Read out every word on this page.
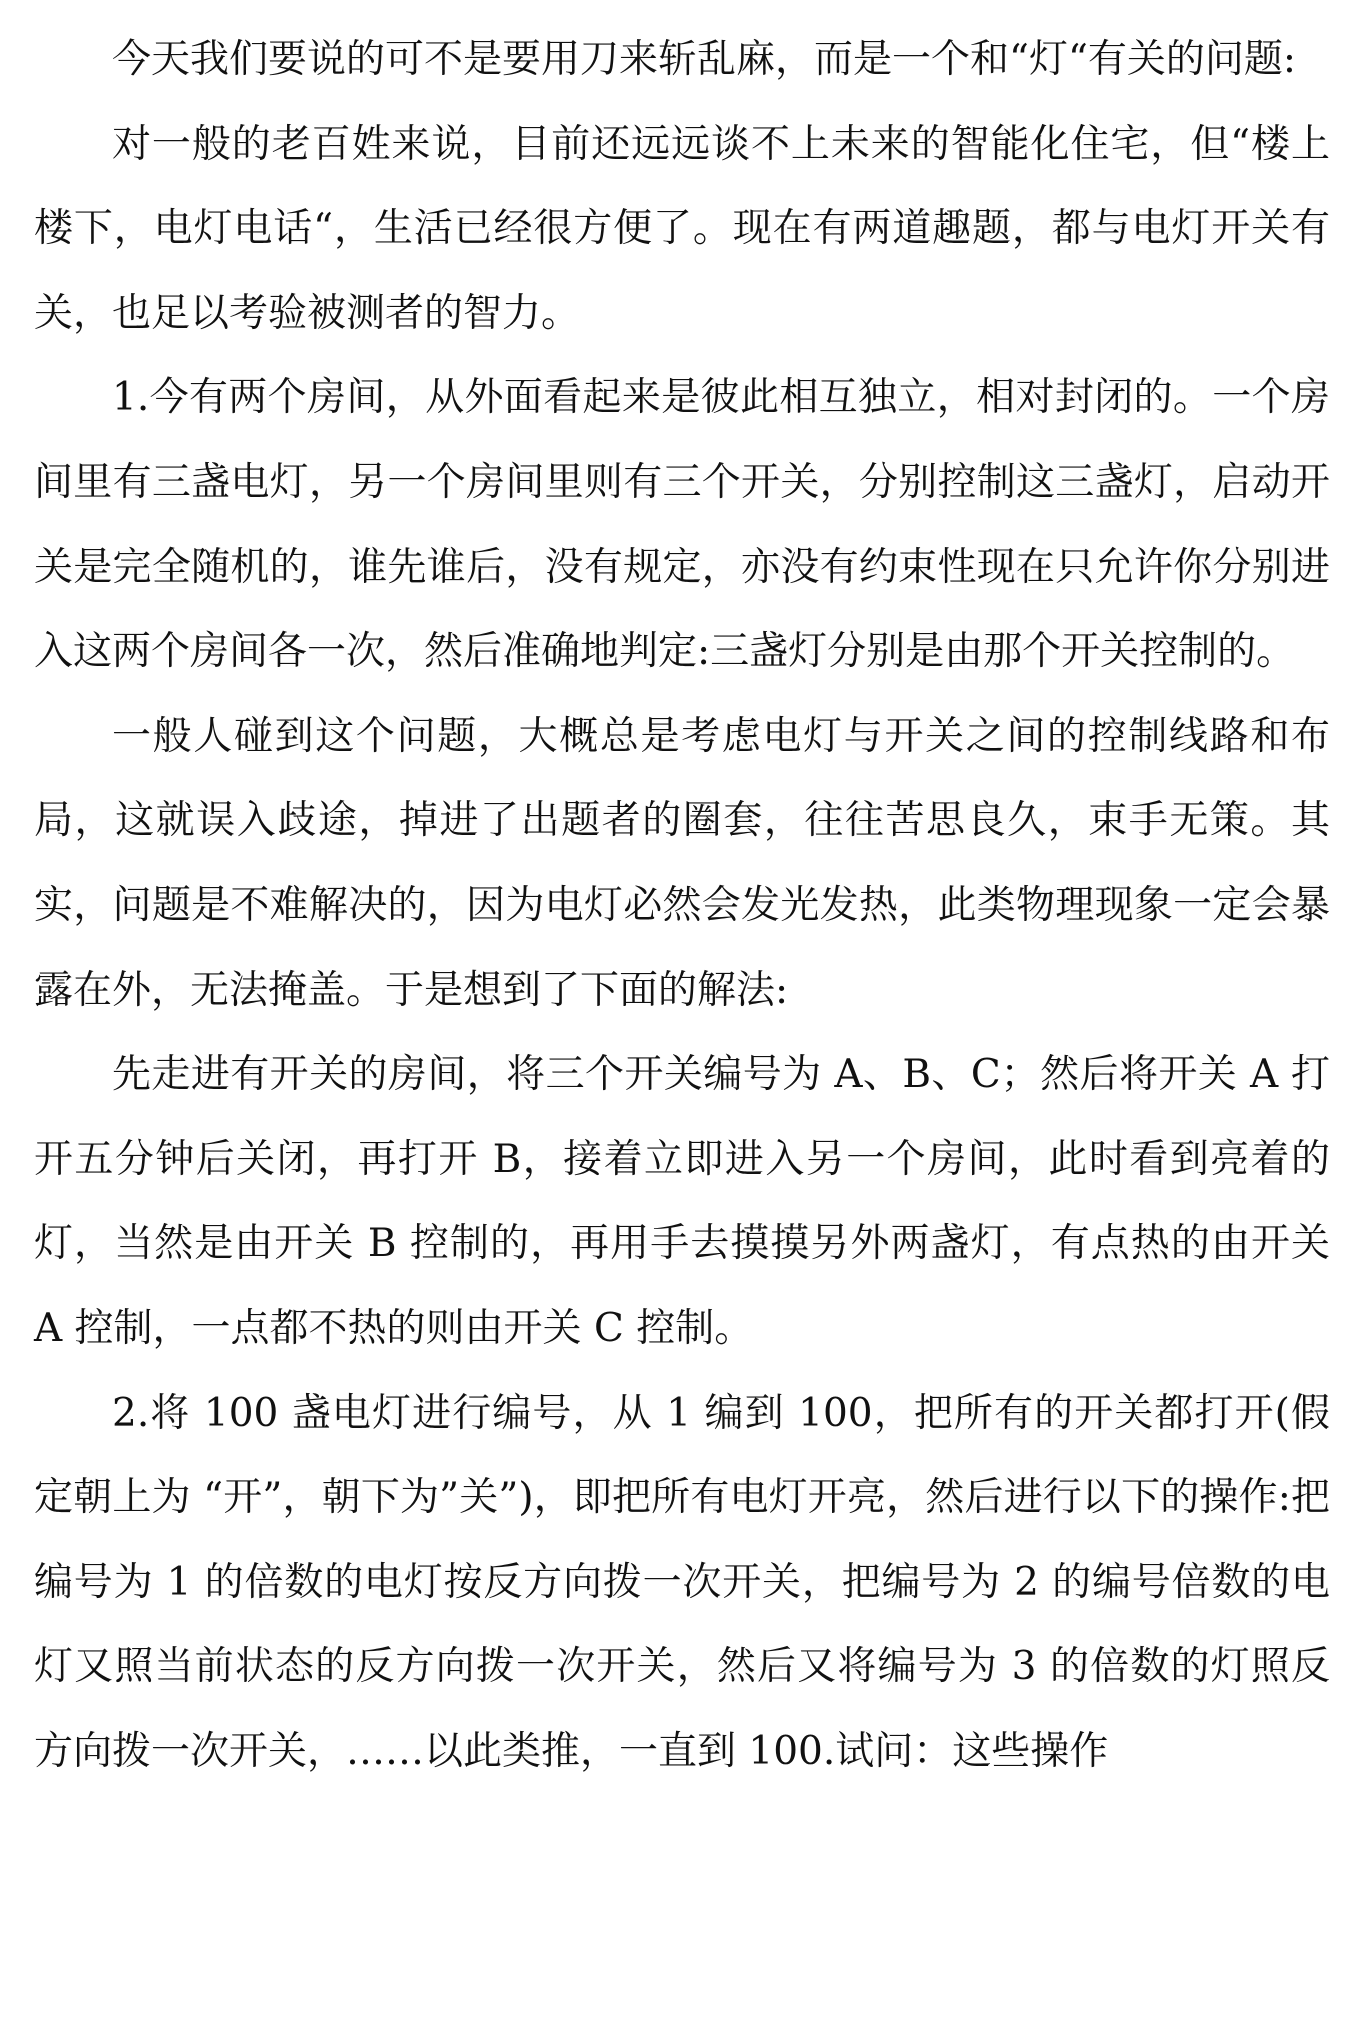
今天我们要说的可不是要用刀来斩乱麻，而是一个和“灯“有关的问题:

对一般的老百姓来说，目前还远远谈不上未来的智能化住宅，但“楼上楼下，电灯电话“，生活已经很方便了。现在有两道趣题，都与电灯开关有关，也足以考验被测者的智力。

1.今有两个房间，从外面看起来是彼此相互独立，相对封闭的。一个房间里有三盏电灯，另一个房间里则有三个开关，分别控制这三盏灯，启动开关是完全随机的，谁先谁后，没有规定，亦没有约束性现在只允许你分别进入这两个房间各一次，然后准确地判定:三盏灯分别是由那个开关控制的。

一般人碰到这个问题，大概总是考虑电灯与开关之间的控制线路和布局，这就误入歧途，掉进了出题者的圈套，往往苦思良久，束手无策。其实，问题是不难解决的，因为电灯必然会发光发热，此类物理现象一定会暴露在外，无法掩盖。于是想到了下面的解法:

先走进有开关的房间，将三个开关编号为 A、B、C；然后将开关 A 打开五分钟后关闭，再打开 B，接着立即进入另一个房间，此时看到亮着的灯，当然是由开关 B 控制的，再用手去摸摸另外两盏灯，有点热的由开关 A 控制，一点都不热的则由开关 C 控制。

2.将 100 盏电灯进行编号，从 1 编到 100，把所有的开关都打开(假定朝上为 “开”，朝下为”关”)，即把所有电灯开亮，然后进行以下的操作:把编号为 1 的倍数的电灯按反方向拨一次开关，把编号为 2 的编号倍数的电灯又照当前状态的反方向拨一次开关，然后又将编号为 3 的倍数的灯照反方向拨一次开关，……以此类推，一直到 100.试问：这些操作
